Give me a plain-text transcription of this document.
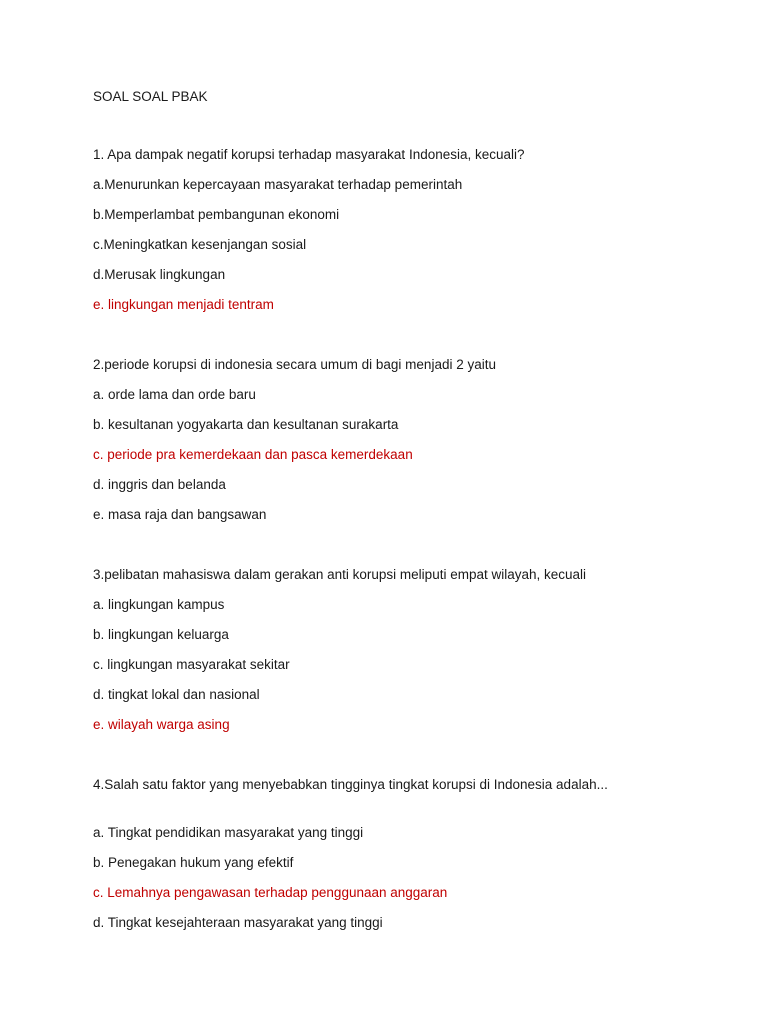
SOAL SOAL PBAK
1. Apa dampak negatif korupsi terhadap masyarakat Indonesia, kecuali?
a.Menurunkan kepercayaan masyarakat terhadap pemerintah
b.Memperlambat pembangunan ekonomi
c.Meningkatkan kesenjangan sosial
d.Merusak lingkungan
e. lingkungan menjadi tentram
2.periode korupsi di indonesia secara umum di bagi menjadi 2 yaitu
a. orde lama dan orde baru
b. kesultanan yogyakarta dan kesultanan surakarta
c. periode pra kemerdekaan dan pasca kemerdekaan
d. inggris dan belanda
e. masa raja dan bangsawan
3.pelibatan mahasiswa dalam gerakan anti korupsi meliputi empat wilayah, kecuali
a. lingkungan kampus
b. lingkungan keluarga
c. lingkungan masyarakat sekitar
d. tingkat lokal dan nasional
e. wilayah warga asing
4.Salah satu faktor yang menyebabkan tingginya tingkat korupsi di Indonesia adalah...
a. Tingkat pendidikan masyarakat yang tinggi
b. Penegakan hukum yang efektif
c. Lemahnya pengawasan terhadap penggunaan anggaran
d. Tingkat kesejahteraan masyarakat yang tinggi
